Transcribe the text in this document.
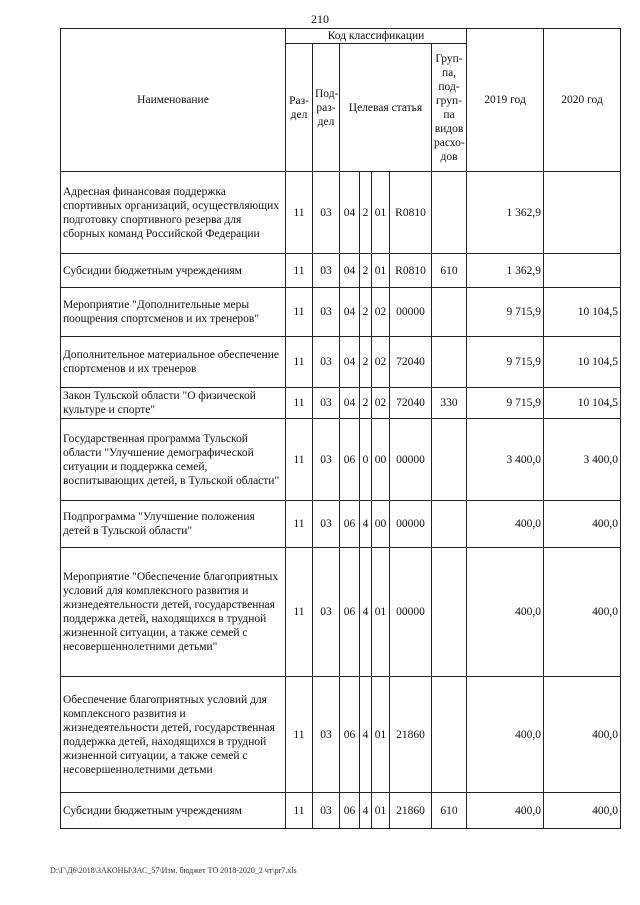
210
Наименование	Код классификации							2019 год	2020 год
	Раз- дел	Под- раз- дел	Целевая статья				Груп- па, под- груп- па видов расхо- дов		
Адресная финансовая поддержка спортивных организаций, осуществляющих подготовку спортивного резерва для сборных команд Российской Федерации	11	03	04	2	01	R0810		1 362,9	
Субсидии бюджетным учреждениям	11	03	04	2	01	R0810	610	1 362,9	
Мероприятие "Дополнительные меры поощрения спортсменов и их тренеров"	11	03	04	2	02	00000		9 715,9	10 104,5
Дополнительное материальное обеспечение спортсменов и их тренеров	11	03	04	2	02	72040		9 715,9	10 104,5
Закон Тульской области "О физической культуре и спорте"	11	03	04	2	02	72040	330	9 715,9	10 104,5
Государственная программа Тульской области "Улучшение демографической ситуации и поддержка семей, воспитывающих детей, в Тульской области"	11	03	06	0	00	00000		3 400,0	3 400,0
Подпрограмма "Улучшение положения детей в Тульской области"	11	03	06	4	00	00000		400,0	400,0
Мероприятие "Обеспечение благоприятных условий для комплексного развития и жизнедеятельности детей, государственная поддержка детей, находящихся в трудной жизненной ситуации, а также семей с несовершеннолетними детьми"	11	03	06	4	01	00000		400,0	400,0
Обеспечение благоприятных условий для комплексного развития и жизнедеятельности детей, государственная поддержка детей, находящихся в трудной жизненной ситуации, а также семей с несовершеннолетними детьми	11	03	06	4	01	21860		400,0	400,0
Субсидии бюджетным учреждениям	11	03	06	4	01	21860	610	400,0	400,0
D:\Г\Д6\2018\ЗАКОНЫ\ЗАС_57\Изм. бюджет ТО 2018-2020_2 чт\pr7.xls
